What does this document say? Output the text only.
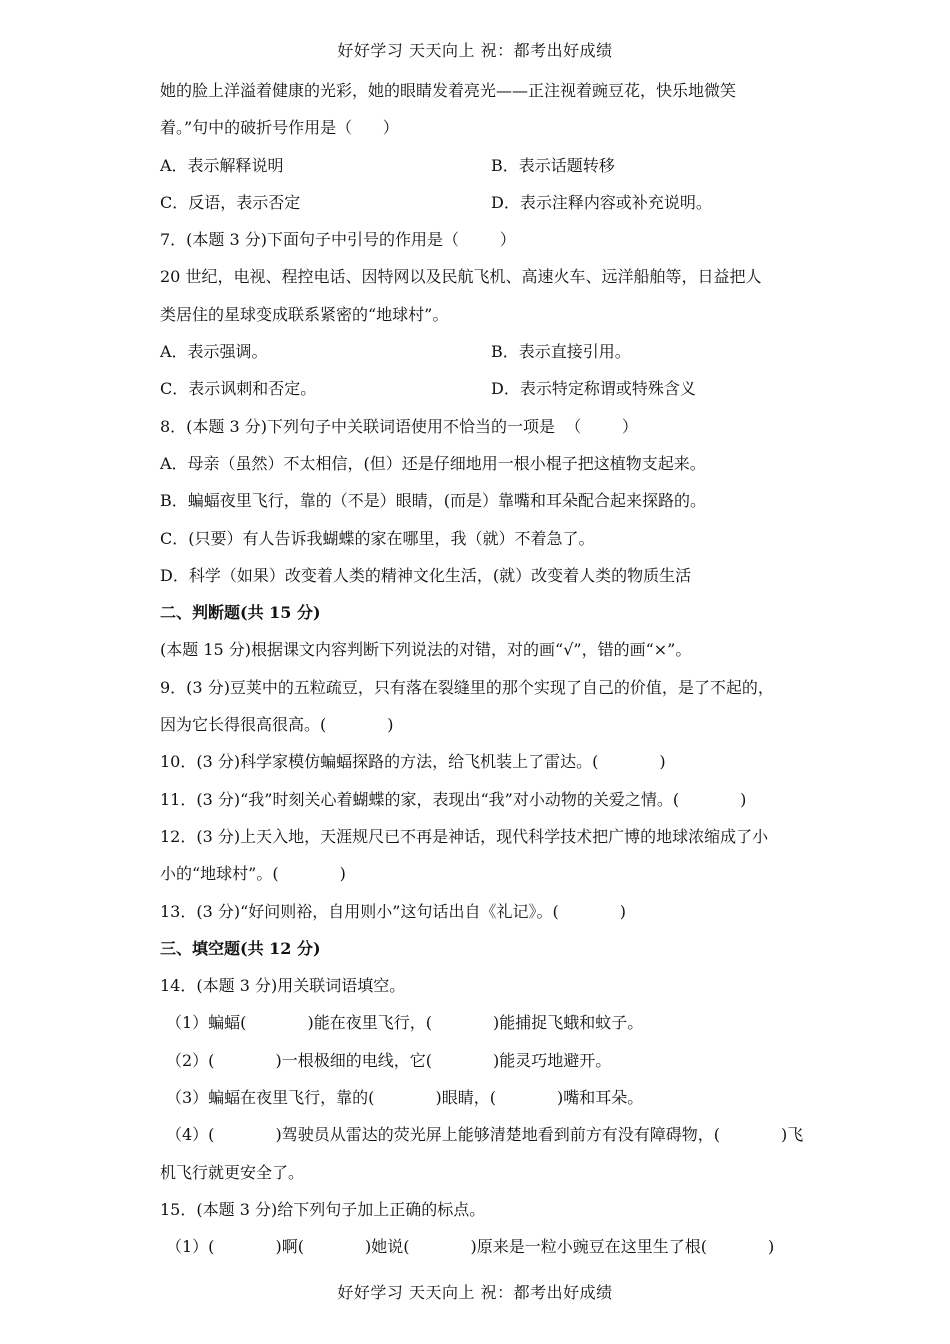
好好学习 天天向上 祝：都考出好成绩
她的脸上洋溢着健康的光彩，她的眼睛发着亮光——正注视着豌豆花，快乐地微笑
着。”句中的破折号作用是（      ）
A．表示解释说明	B．表示话题转移
C．反语，表示否定	D．表示注释内容或补充说明。
7．(本题 3 分)下面句子中引号的作用是（        ）
20 世纪，电视、程控电话、因特网以及民航飞机、高速火车、远洋船舶等，日益把人
类居住的星球变成联系紧密的“地球村”。
A．表示强调。	B．表示直接引用。
C．表示讽刺和否定。	D．表示特定称谓或特殊含义
8．(本题 3 分)下列句子中关联词语使用不恰当的一项是  （        ）
A．母亲（虽然）不太相信，(但）还是仔细地用一根小棍子把这植物支起来。
B．蝙蝠夜里飞行，靠的（不是）眼睛，(而是）靠嘴和耳朵配合起来探路的。
C．(只要）有人告诉我蝴蝶的家在哪里，我（就）不着急了。
D．科学（如果）改变着人类的精神文化生活，(就）改变着人类的物质生活
二、判断题(共 15 分)
(本题 15 分)根据课文内容判断下列说法的对错，对的画“√”，错的画“×”。
9．(3 分)豆荚中的五粒疏豆，只有落在裂缝里的那个实现了自己的价值，是了不起的，
因为它长得很高很高。(            )
10．(3 分)科学家模仿蝙蝠探路的方法，给飞机装上了雷达。(            )
11．(3 分)“我”时刻关心着蝴蝶的家，表现出“我”对小动物的关爱之情。(            )
12．(3 分)上天入地，天涯规尺已不再是神话，现代科学技术把广博的地球浓缩成了小
小的“地球村”。(            )
13．(3 分)“好问则裕，自用则小”这句话出自《礼记》。(            )
三、填空题(共 12 分)
14．(本题 3 分)用关联词语填空。
（1）蝙蝠(            )能在夜里飞行，(            )能捕捉飞蛾和蚊子。
（2）(            )一根极细的电线，它(            )能灵巧地避开。
（3）蝙蝠在夜里飞行，靠的(            )眼睛，(            )嘴和耳朵。
（4）(            )驾驶员从雷达的荧光屏上能够清楚地看到前方有没有障碍物，(            )飞
机飞行就更安全了。
15．(本题 3 分)给下列句子加上正确的标点。
（1）(            )啊(            )她说(            )原来是一粒小豌豆在这里生了根(            )
好好学习 天天向上 祝：都考出好成绩
